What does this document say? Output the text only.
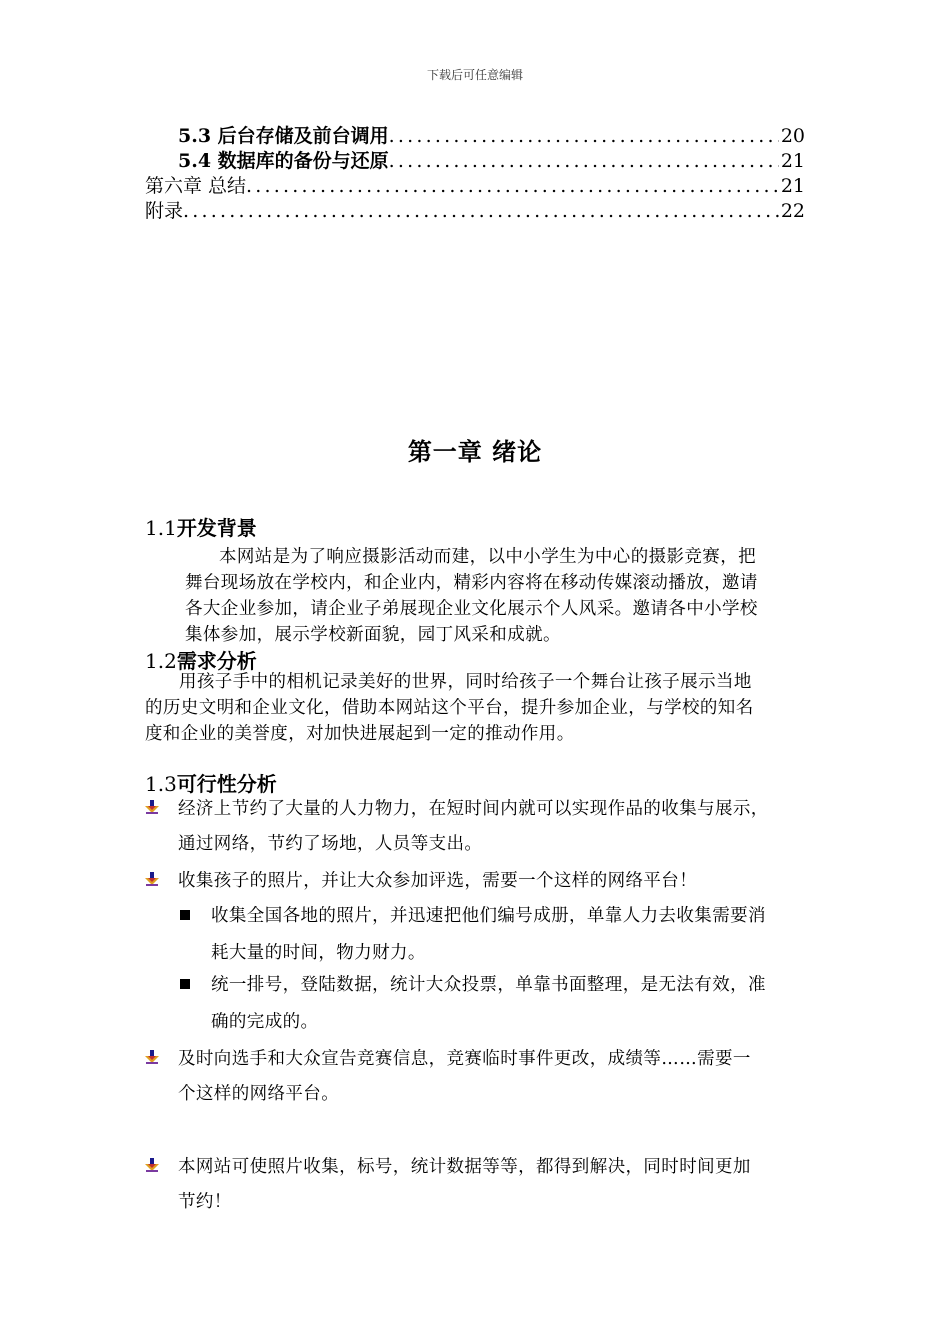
下载后可任意编辑
5.3 后台存储及前台调用 .....	20
5.4 数据库的备份与还原 .....	21
第六章 总结 .....	21
附录 .....	22
第一章 绪论
1.1开发背景
本网站是为了响应摄影活动而建，以中小学生为中心的摄影竞赛，把
舞台现场放在学校内，和企业内，精彩内容将在移动传媒滚动播放，邀请
各大企业参加，请企业子弟展现企业文化展示个人风采。邀请各中小学校
集体参加，展示学校新面貌，园丁风采和成就。
1.2需求分析
用孩子手中的相机记录美好的世界，同时给孩子一个舞台让孩子展示当地
的历史文明和企业文化，借助本网站这个平台，提升参加企业，与学校的知名
度和企业的美誉度，对加快进展起到一定的推动作用。
1.3可行性分析
经济上节约了大量的人力物力，在短时间内就可以实现作品的收集与展示，
通过网络，节约了场地，人员等支出。
收集孩子的照片，并让大众参加评选，需要一个这样的网络平台！
收集全国各地的照片，并迅速把他们编号成册，单靠人力去收集需要消
耗大量的时间，物力财力。
统一排号，登陆数据，统计大众投票，单靠书面整理，是无法有效，准
确的完成的。
及时向选手和大众宣告竞赛信息，竞赛临时事件更改，成绩等……需要一
个这样的网络平台。
本网站可使照片收集，标号，统计数据等等，都得到解决，同时时间更加
节约！
